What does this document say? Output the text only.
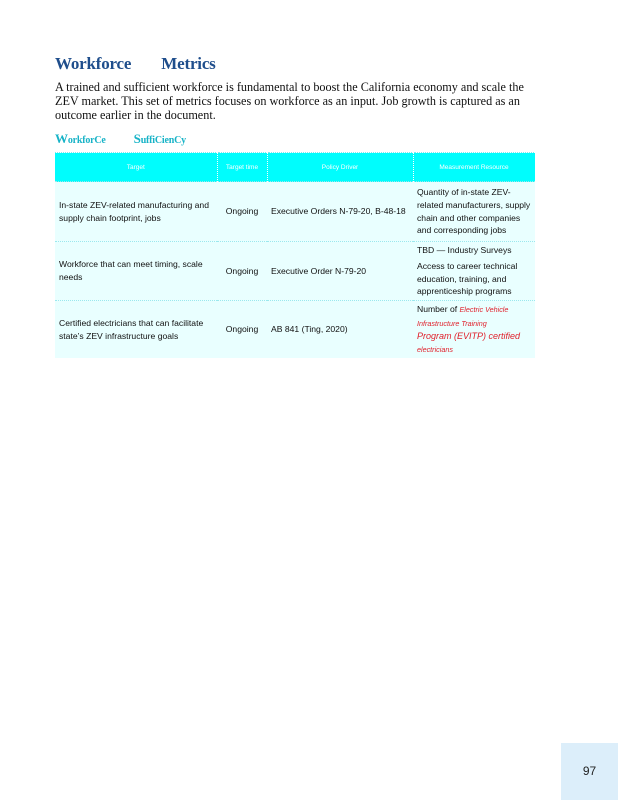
Workforce Metrics

A trained and sufficient workforce is fundamental to boost the California economy and scale the ZEV market. This set of metrics focuses on workforce as an input. Job growth is captured as an outcome earlier in the document.

WorkforCe SuffiCienCy
Target	Target time	Policy Driver	Measurement Resource
In-state ZEV-related manufacturing and supply chain footprint, jobs	Ongoing	Executive Orders N-79-20, B-48-18	Quantity of in-state ZEV-related manufacturers, supply chain and other companies and corresponding jobs
Workforce that can meet timing, scale needs	Ongoing	Executive Order N-79-20	TBD — Industry Surveys
Access to career technical education, training, and apprenticeship programs

Certified electricians that can facilitate state’s ZEV infrastructure goals	Ongoing	AB 841 (Ting, 2020)	Number of Electric Vehicle Infrastructure Training
Program (EVITP) certified
electricians
97
